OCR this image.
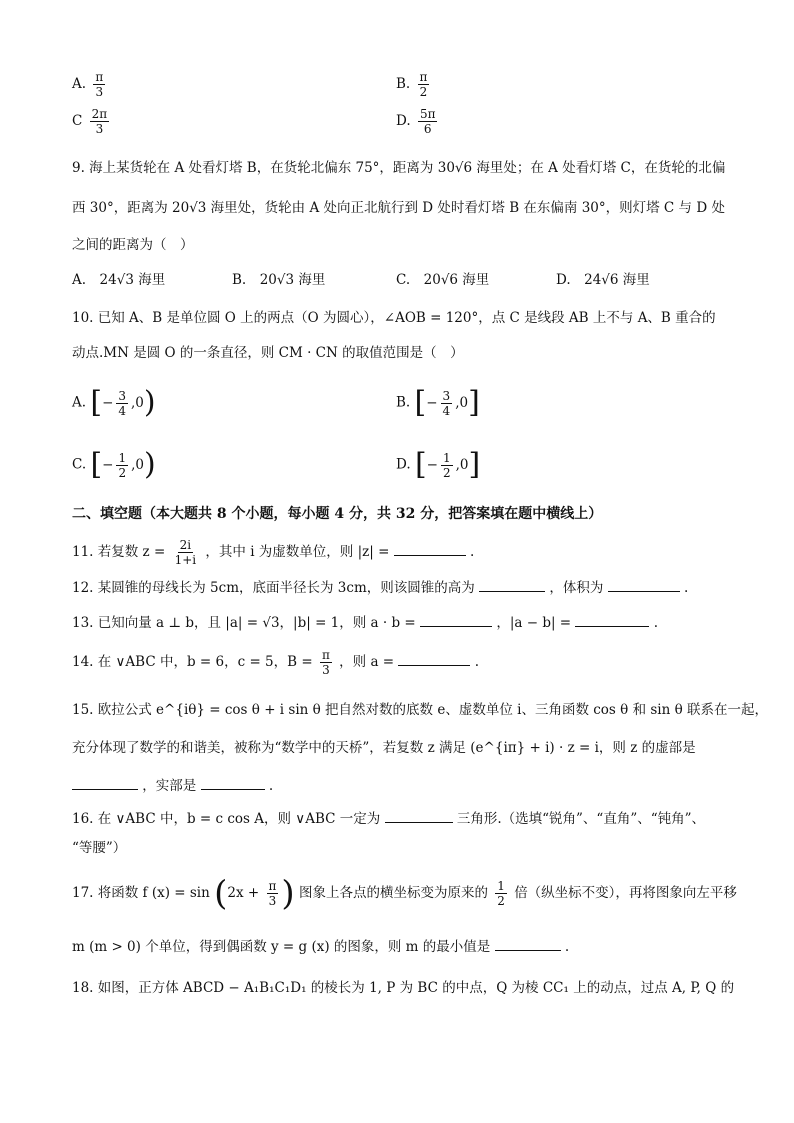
A. $\frac{\pi}{3}$	B. $\frac{\pi}{2}$
C $\frac{2\pi}{3}$	D. $\frac{5\pi}{6}$
9. 海上某货轮在 A 处看灯塔 B，在货轮北偏东 75°，距离为 30√6 海里处；在 A 处看灯塔 C，在货轮的北偏
西 30°，距离为 20√3 海里处，货轮由 A 处向正北航行到 D 处时看灯塔 B 在东偏南 30°，则灯塔 C 与 D 处
之间的距离为（　）
A.　24√3 海里	B.　20√3 海里	C.　20√6 海里	D.　24√6 海里
10. 已知 A、B 是单位圆 O 上的两点（O 为圆心），∠AOB = 120°，点 C 是线段 AB 上不与 A、B 重合的
动点.MN 是圆 O 的一条直径，则 CM · CN 的取值范围是（　）
A. [ − $\frac{3}{4} ,0$ )	B. [ − $\frac{3}{4} ,0$ ]
C. [ − $\frac{1}{2} ,0$ )	D. [ − $\frac{1}{2} ,0$ ]
二、填空题（本大题共 8 个小题，每小题 4 分，共 32 分，把答案填在题中横线上）
11. 若复数 $z = \frac{2i}{1+i}$ ，其中 i 为虚数单位，则 |z| =	.
12. 某圆锥的母线长为 5cm，底面半径长为 3cm，则该圆锥的高为	，体积为	.
13. 已知向量 a ⊥ b，且 |a| = √3，|b| = 1，则 a · b =	，|a − b| =	.
14. 在 ∨ABC 中，b = 6，c = 5，$B = \frac{\pi}{3}$ ，则 a =	.
15. 欧拉公式 e^{iθ} = cos θ + i sin θ 把自然对数的底数 e、虚数单位 i、三角函数 cos θ 和 sin θ 联系在一起，
充分体现了数学的和谐美，被称为“数学中的天桥”，若复数 z 满足 (e^{iπ} + i) · z = i，则 z 的虚部是
，实部是	.
16. 在 ∨ABC 中，b = c cos A，则 ∨ABC 一定为	三角形.（选填“锐角”、“直角”、“钝角”、
“等腰”）
17. 将函数 f $(x) = \sin (2x + \frac{\pi}{3}$ ) 图象上各点的横坐标变为原来的 $\frac{1}{2}$ 倍（纵坐标不变），再将图象向左平移
m (m > 0) 个单位，得到偶函数 y = g (x) 的图象，则 m 的最小值是	.
18. 如图，正方体 ABCD − A₁B₁C₁D₁ 的棱长为 1, P 为 BC 的中点，Q 为棱 CC₁ 上的动点，过点 A, P, Q 的
